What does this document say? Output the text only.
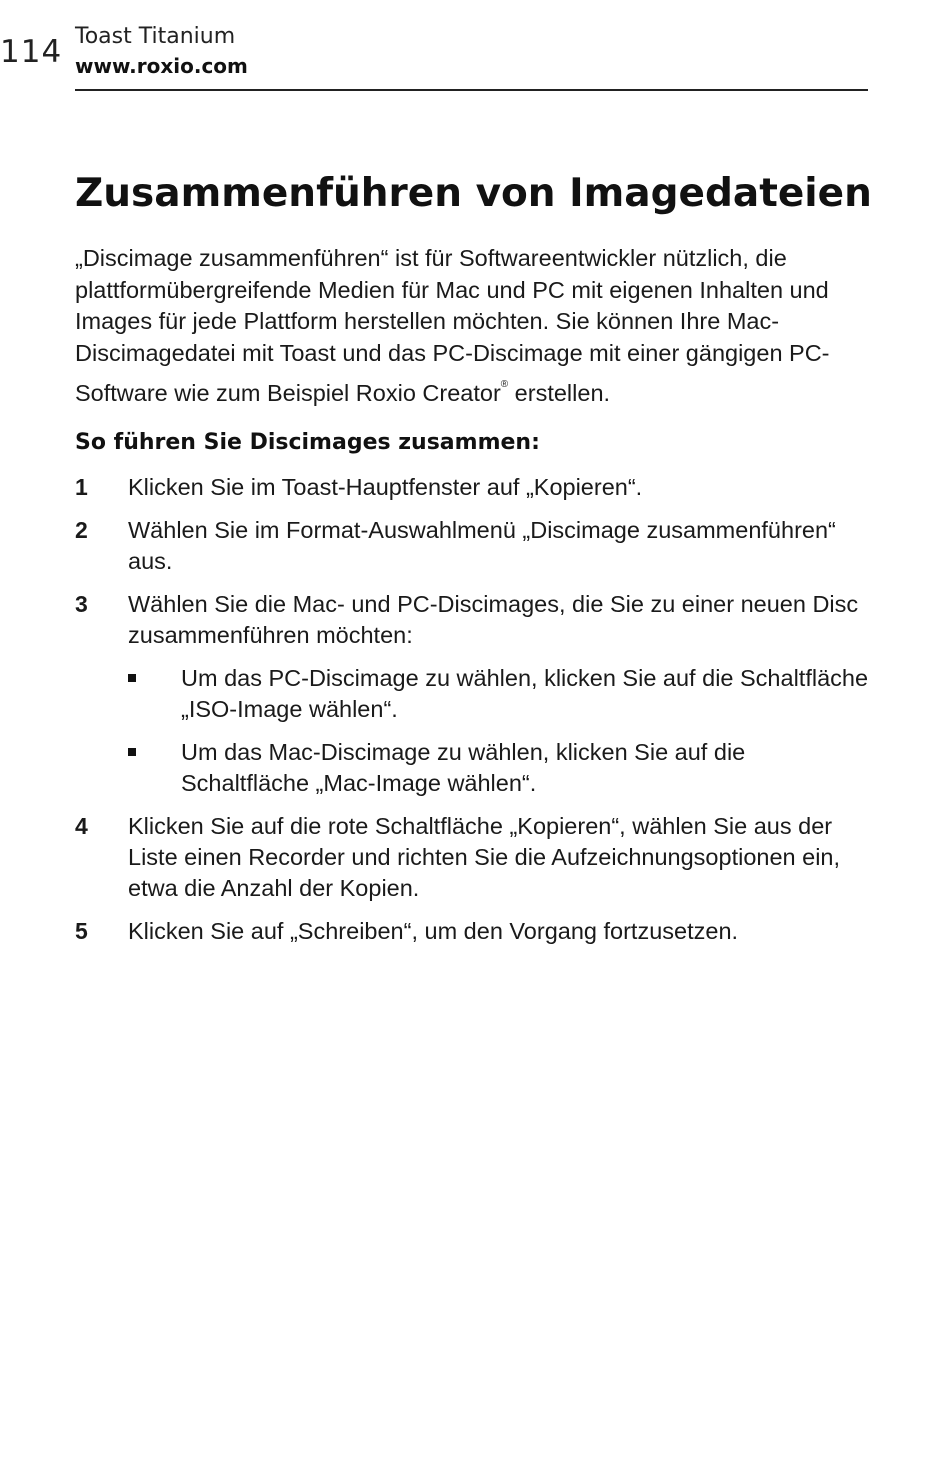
114 Toast Titanium
www.roxio.com
Zusammenführen von Imagedateien

„Discimage zusammenführen“ ist für Softwareentwickler nützlich, die plattformübergreifende Medien für Mac und PC mit eigenen Inhalten und Images für jede Plattform herstellen möchten. Sie können Ihre Mac-Discimagedatei mit Toast und das PC-Discimage mit einer gängigen PC-Software wie zum Beispiel Roxio Creator® erstellen.

So führen Sie Discimages zusammen:
1 Klicken Sie im Toast-Hauptfenster auf „Kopieren“.
2 Wählen Sie im Format-Auswahlmenü „Discimage zusammenführen“ aus.
3 Wählen Sie die Mac- und PC-Discimages, die Sie zu einer neuen Disc zusammenführen möchten:
Um das PC-Discimage zu wählen, klicken Sie auf die Schaltfläche „ISO-Image wählen“.
Um das Mac-Discimage zu wählen, klicken Sie auf die Schaltfläche „Mac-Image wählen“.
4 Klicken Sie auf die rote Schaltfläche „Kopieren“, wählen Sie aus der Liste einen Recorder und richten Sie die Aufzeichnungsoptionen ein, etwa die Anzahl der Kopien.
5 Klicken Sie auf „Schreiben“, um den Vorgang fortzusetzen.
